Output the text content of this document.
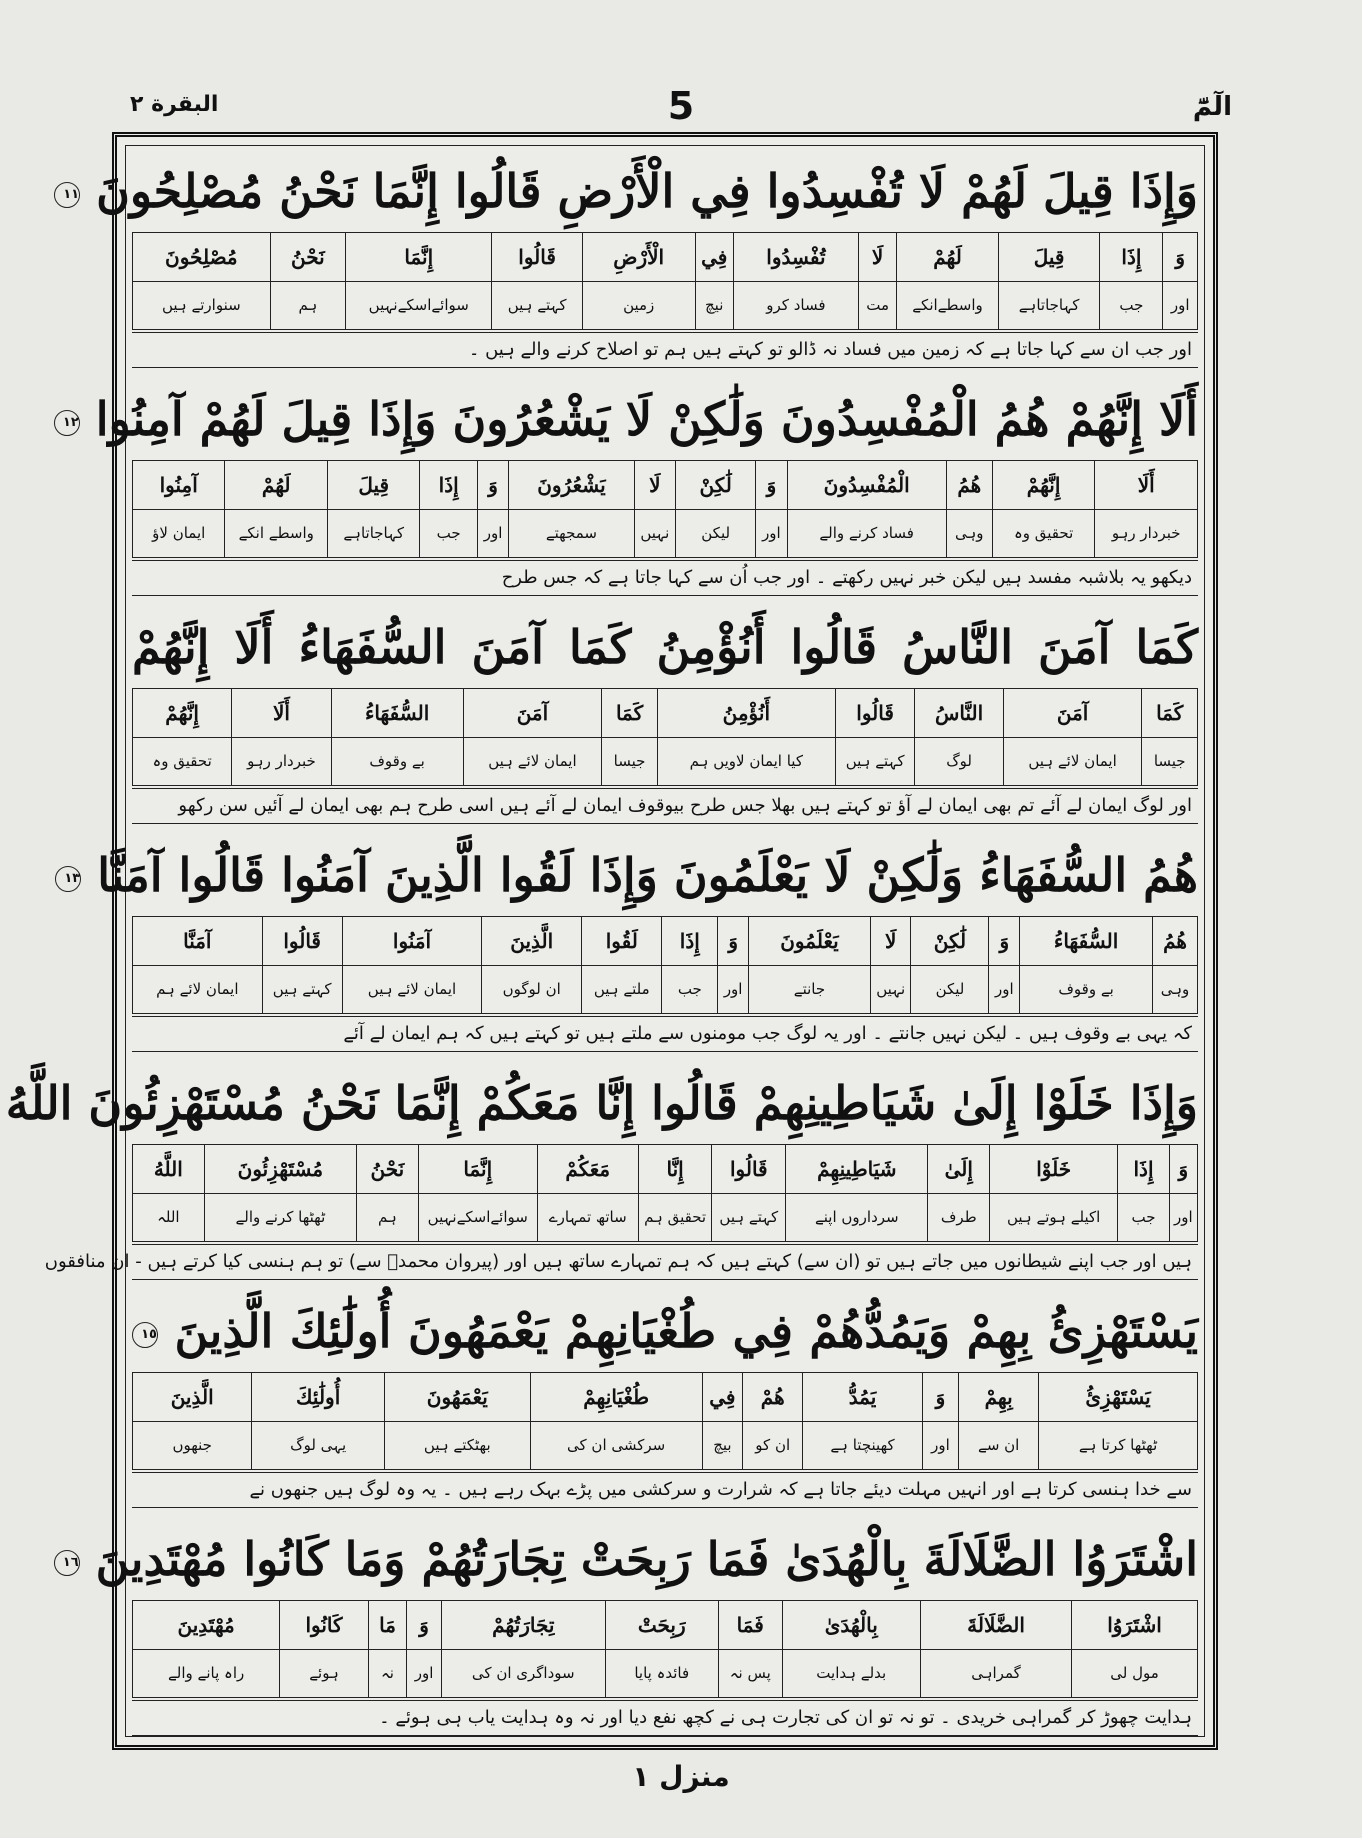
الٓمّٓ
5
البقرة ٢
وَإِذَا قِيلَ لَهُمْ لَا تُفْسِدُوا فِي الْأَرْضِ قَالُوا إِنَّمَا نَحْنُ مُصْلِحُونَ ١١
وَ
اور
إِذَا
جب
قِيلَ
کہاجاتاہے
لَهُمْ
واسطےانکے
لَا
مت
تُفْسِدُوا
فساد کرو
فِي
نیچ
الْأَرْضِ
زمین
قَالُوا
کہتے ہیں
إِنَّمَا
سوائےاسکےنہیں
نَحْنُ
ہم
مُصْلِحُونَ
سنوارتے ہیں
اور جب ان سے کہا جاتا ہے کہ زمین میں فساد نہ ڈالو تو کہتے ہیں ہم تو اصلاح کرنے والے ہیں ۔
أَلَا إِنَّهُمْ هُمُ الْمُفْسِدُونَ وَلَٰكِنْ لَا يَشْعُرُونَ وَإِذَا قِيلَ لَهُمْ آمِنُوا ١٢
أَلَا
خبردار رہو
إِنَّهُمْ
تحقیق وہ
هُمُ
وہی
الْمُفْسِدُونَ
فساد کرنے والے
وَ
اور
لَٰكِنْ
لیکن
لَا
نہیں
يَشْعُرُونَ
سمجھتے
وَ
اور
إِذَا
جب
قِيلَ
کہاجاتاہے
لَهُمْ
واسطے انکے
آمِنُوا
ایمان لاؤ
دیکھو یہ بلاشبہ مفسد ہیں لیکن خبر نہیں رکھتے ۔ اور جب اُن سے کہا جاتا ہے کہ جس طرح
كَمَا آمَنَ النَّاسُ قَالُوا أَنُؤْمِنُ كَمَا آمَنَ السُّفَهَاءُ أَلَا إِنَّهُمْ
كَمَا
جیسا
آمَنَ
ایمان لائے ہیں
النَّاسُ
لوگ
قَالُوا
کہتے ہیں
أَنُؤْمِنُ
کیا ایمان لاویں ہم
كَمَا
جیسا
آمَنَ
ایمان لائے ہیں
السُّفَهَاءُ
بے وقوف
أَلَا
خبردار رہو
إِنَّهُمْ
تحقیق وہ
اور لوگ ایمان لے آئے تم بھی ایمان لے آؤ تو کہتے ہیں بھلا جس طرح بیوقوف ایمان لے آئے ہیں اسی طرح ہم بھی ایمان لے آئیں سن رکھو
هُمُ السُّفَهَاءُ وَلَٰكِنْ لَا يَعْلَمُونَ وَإِذَا لَقُوا الَّذِينَ آمَنُوا قَالُوا آمَنَّا ١٣
هُمُ
وہی
السُّفَهَاءُ
بے وقوف
وَ
اور
لَٰكِنْ
لیکن
لَا
نہیں
يَعْلَمُونَ
جانتے
وَ
اور
إِذَا
جب
لَقُوا
ملتے ہیں
الَّذِينَ
ان لوگوں
آمَنُوا
ایمان لائے ہیں
قَالُوا
کہتے ہیں
آمَنَّا
ایمان لائے ہم
کہ یہی بے وقوف ہیں ۔ لیکن نہیں جانتے ۔ اور یہ لوگ جب مومنوں سے ملتے ہیں تو کہتے ہیں کہ ہم ایمان لے آئے
وَإِذَا خَلَوْا إِلَىٰ شَيَاطِينِهِمْ قَالُوا إِنَّا مَعَكُمْ إِنَّمَا نَحْنُ مُسْتَهْزِئُونَ اللَّهُ
وَ
اور
إِذَا
جب
خَلَوْا
اکیلے ہوتے ہیں
إِلَىٰ
طرف
شَيَاطِينِهِمْ
سرداروں اپنے
قَالُوا
کہتے ہیں
إِنَّا
تحقیق ہم
مَعَكُمْ
ساتھ تمہارے
إِنَّمَا
سوائےاسکےنہیں
نَحْنُ
ہم
مُسْتَهْزِئُونَ
ٹھٹھا کرنے والے
اللَّهُ
اللہ
ہیں اور جب اپنے شیطانوں میں جاتے ہیں تو (ان سے) کہتے ہیں کہ ہم تمہارے ساتھ ہیں اور (پیروان محمدؐ سے) تو ہم ہنسی کیا کرتے ہیں - ان منافقوں
يَسْتَهْزِئُ بِهِمْ وَيَمُدُّهُمْ فِي طُغْيَانِهِمْ يَعْمَهُونَ أُولَٰئِكَ الَّذِينَ ١٥
يَسْتَهْزِئُ
ٹھٹھا کرتا ہے
بِهِمْ
ان سے
وَ
اور
يَمُدُّ
کھینچتا ہے
هُمْ
ان کو
فِي
بیچ
طُغْيَانِهِمْ
سرکشی ان کی
يَعْمَهُونَ
بھٹکتے ہیں
أُولَٰئِكَ
یہی لوگ
الَّذِينَ
جنھوں
سے خدا ہنسی کرتا ہے اور انہیں مہلت دیئے جاتا ہے کہ شرارت و سرکشی میں پڑے بہک رہے ہیں ۔ یہ وہ لوگ ہیں جنھوں نے
اشْتَرَوُا الضَّلَالَةَ بِالْهُدَىٰ فَمَا رَبِحَتْ تِجَارَتُهُمْ وَمَا كَانُوا مُهْتَدِينَ ١٦
اشْتَرَوُا
مول لی
الضَّلَالَةَ
گمراہی
بِالْهُدَىٰ
بدلے ہدایت
فَمَا
پس نہ
رَبِحَتْ
فائدہ پایا
تِجَارَتُهُمْ
سوداگری ان کی
وَ
اور
مَا
نہ
كَانُوا
ہوئے
مُهْتَدِينَ
راہ پانے والے
ہدایت چھوڑ کر گمراہی خریدی ۔ تو نہ تو ان کی تجارت ہی نے کچھ نفع دیا اور نہ وہ ہدایت یاب ہی ہوئے ۔
منزل ١
